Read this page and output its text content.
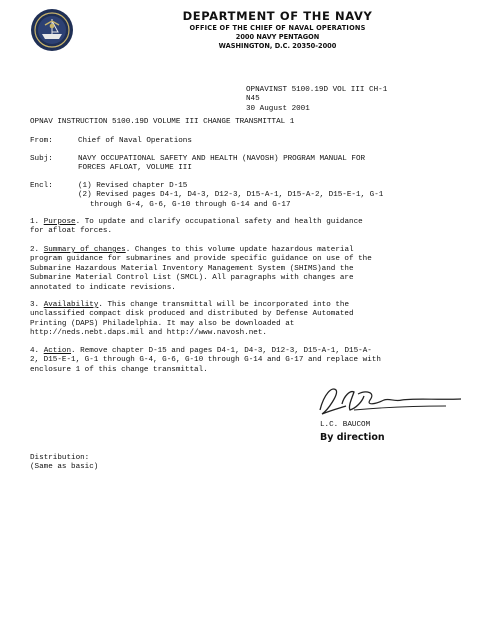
DEPARTMENT OF THE NAVY
OFFICE OF THE CHIEF OF NAVAL OPERATIONS
2000 NAVY PENTAGON
WASHINGTON, D.C. 20350-2000
OPNAVINST 5100.19D VOL III CH-1
N45
30 August 2001
OPNAV INSTRUCTION 5100.19D VOLUME III CHANGE TRANSMITTAL 1
From:	Chief of Naval Operations
Subj:	NAVY OCCUPATIONAL SAFETY AND HEALTH (NAVOSH) PROGRAM MANUAL FOR
FORCES AFLOAT, VOLUME III
Encl:	(1) Revised chapter D-15
(2) Revised pages D4-1, D4-3, D12-3, D15-A-1, D15-A-2, D15-E-1, G-1
through G-4, G-6, G-10 through G-14 and G-17
1. Purpose. To update and clarify occupational safety and health guidance
for afloat forces.
2. Summary of changes. Changes to this volume update hazardous material
program guidance for submarines and provide specific guidance on use of the
Submarine Hazardous Material Inventory Management System (SHIMS)and the
Submarine Material Control List (SMCL). All paragraphs with changes are
annotated to indicate revisions.
3. Availability. This change transmittal will be incorporated into the
unclassified compact disk produced and distributed by Defense Automated
Printing (DAPS) Philadelphia. It may also be downloaded at
http://neds.nebt.daps.mil and http://www.navosh.net.
4. Action. Remove chapter D-15 and pages D4-1, D4-3, D12-3, D15-A-1, D15-A-
2, D15-E-1, G-1 through G-4, G-6, G-10 through G-14 and G-17 and replace with
enclosure 1 of this change transmittal.
L.C. BAUCOM
By direction
Distribution:
(Same as basic)
